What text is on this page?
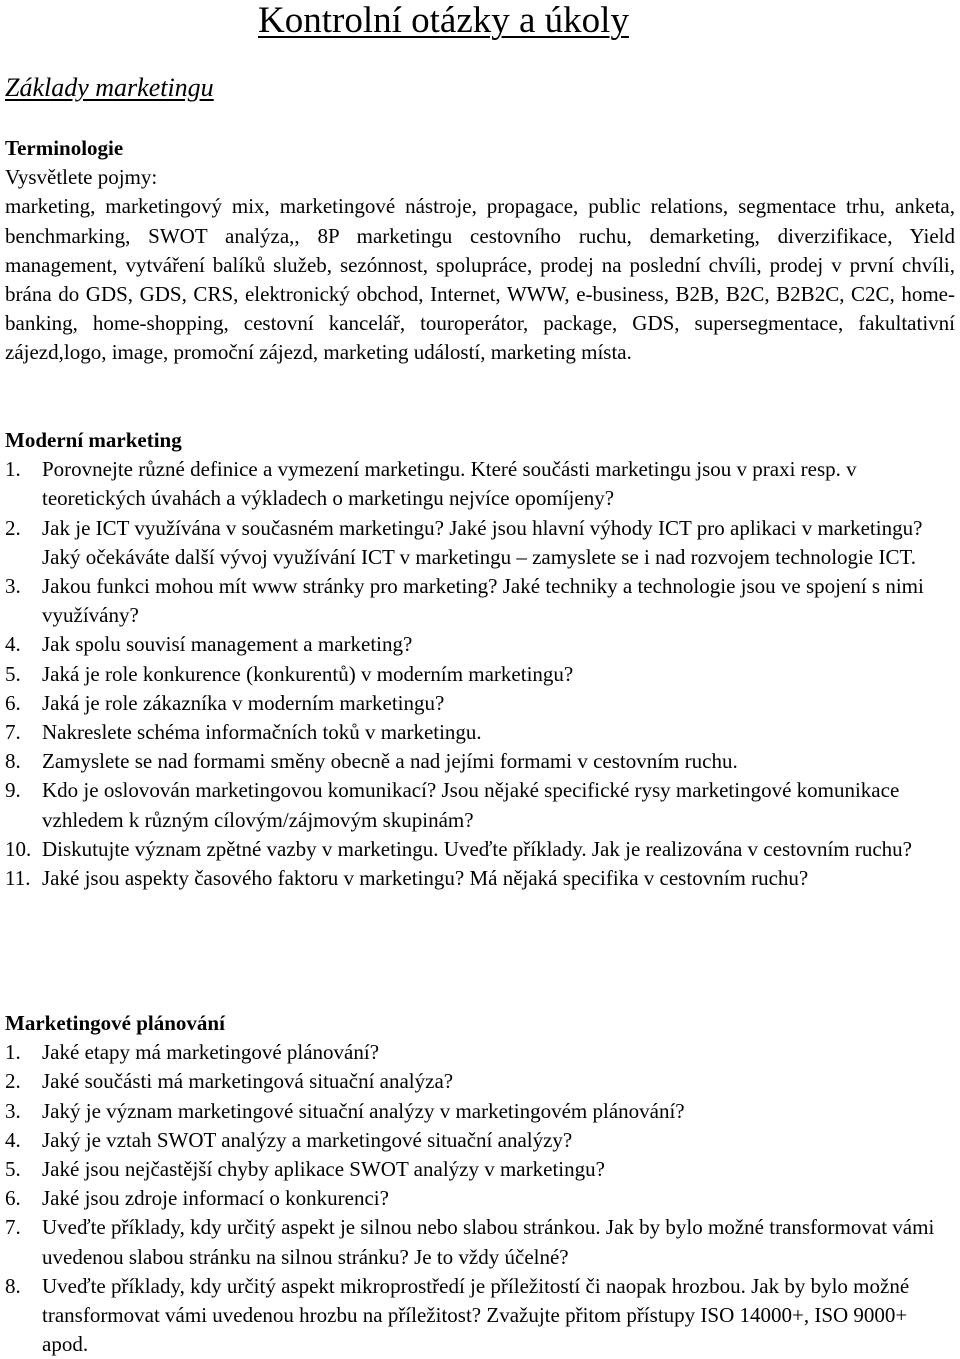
Kontrolní otázky a úkoly
Základy marketingu
Terminologie

Vysvětlete pojmy:

marketing, marketingový mix, marketingové nástroje, propagace, public relations, segmentace trhu, anketa, benchmarking, SWOT analýza,, 8P marketingu cestovního ruchu, demarketing, diverzifikace, Yield management, vytváření balíků služeb, sezónnost, spolupráce, prodej na poslední chvíli, prodej v první chvíli, brána do GDS, GDS, CRS, elektronický obchod, Internet, WWW, e-business, B2B, B2C, B2B2C, C2C, home-banking, home-shopping, cestovní kancelář, touroperátor, package, GDS, supersegmentace, fakultativní zájezd,logo, image, promoční zájezd, marketing událostí, marketing místa.

Moderní marketing
1. Porovnejte různé definice a vymezení marketingu. Které součásti marketingu jsou v praxi resp. v teoretických úvahách a výkladech o marketingu nejvíce opomíjeny?
2. Jak je ICT využívána v současném marketingu? Jaké jsou hlavní výhody ICT pro aplikaci v marketingu? Jaký očekáváte další vývoj využívání ICT v marketingu – zamyslete se i nad rozvojem technologie ICT.
3. Jakou funkci mohou mít www stránky pro marketing? Jaké techniky a technologie jsou ve spojení s nimi využívány?
4. Jak spolu souvisí management a marketing?
5. Jaká je role konkurence (konkurentů) v moderním marketingu?
6. Jaká je role zákazníka v moderním marketingu?
7. Nakreslete schéma informačních toků v marketingu.
8. Zamyslete se nad formami směny obecně a nad jejími formami v cestovním ruchu.
9. Kdo je oslovován marketingovou komunikací? Jsou nějaké specifické rysy marketingové komunikace vzhledem k různým cílovým/zájmovým skupinám?
10. Diskutujte význam zpětné vazby v marketingu. Uveďte příklady. Jak je realizována v cestovním ruchu?
11. Jaké jsou aspekty časového faktoru v marketingu? Má nějaká specifika v cestovním ruchu?
Marketingové plánování
1. Jaké etapy má marketingové plánování?
2. Jaké součásti má marketingová situační analýza?
3. Jaký je význam marketingové situační analýzy v marketingovém plánování?
4. Jaký je vztah SWOT analýzy a marketingové situační analýzy?
5. Jaké jsou nejčastější chyby aplikace SWOT analýzy v marketingu?
6. Jaké jsou zdroje informací o konkurenci?
7. Uveďte příklady, kdy určitý aspekt je silnou nebo slabou stránkou. Jak by bylo možné transformovat vámi uvedenou slabou stránku na silnou stránku? Je to vždy účelné?
8. Uveďte příklady, kdy určitý aspekt mikroprostředí je příležitostí či naopak hrozbou. Jak by bylo možné transformovat vámi uvedenou hrozbu na příležitost? Zvažujte přitom přístupy ISO 14000+, ISO 9000+ apod.
